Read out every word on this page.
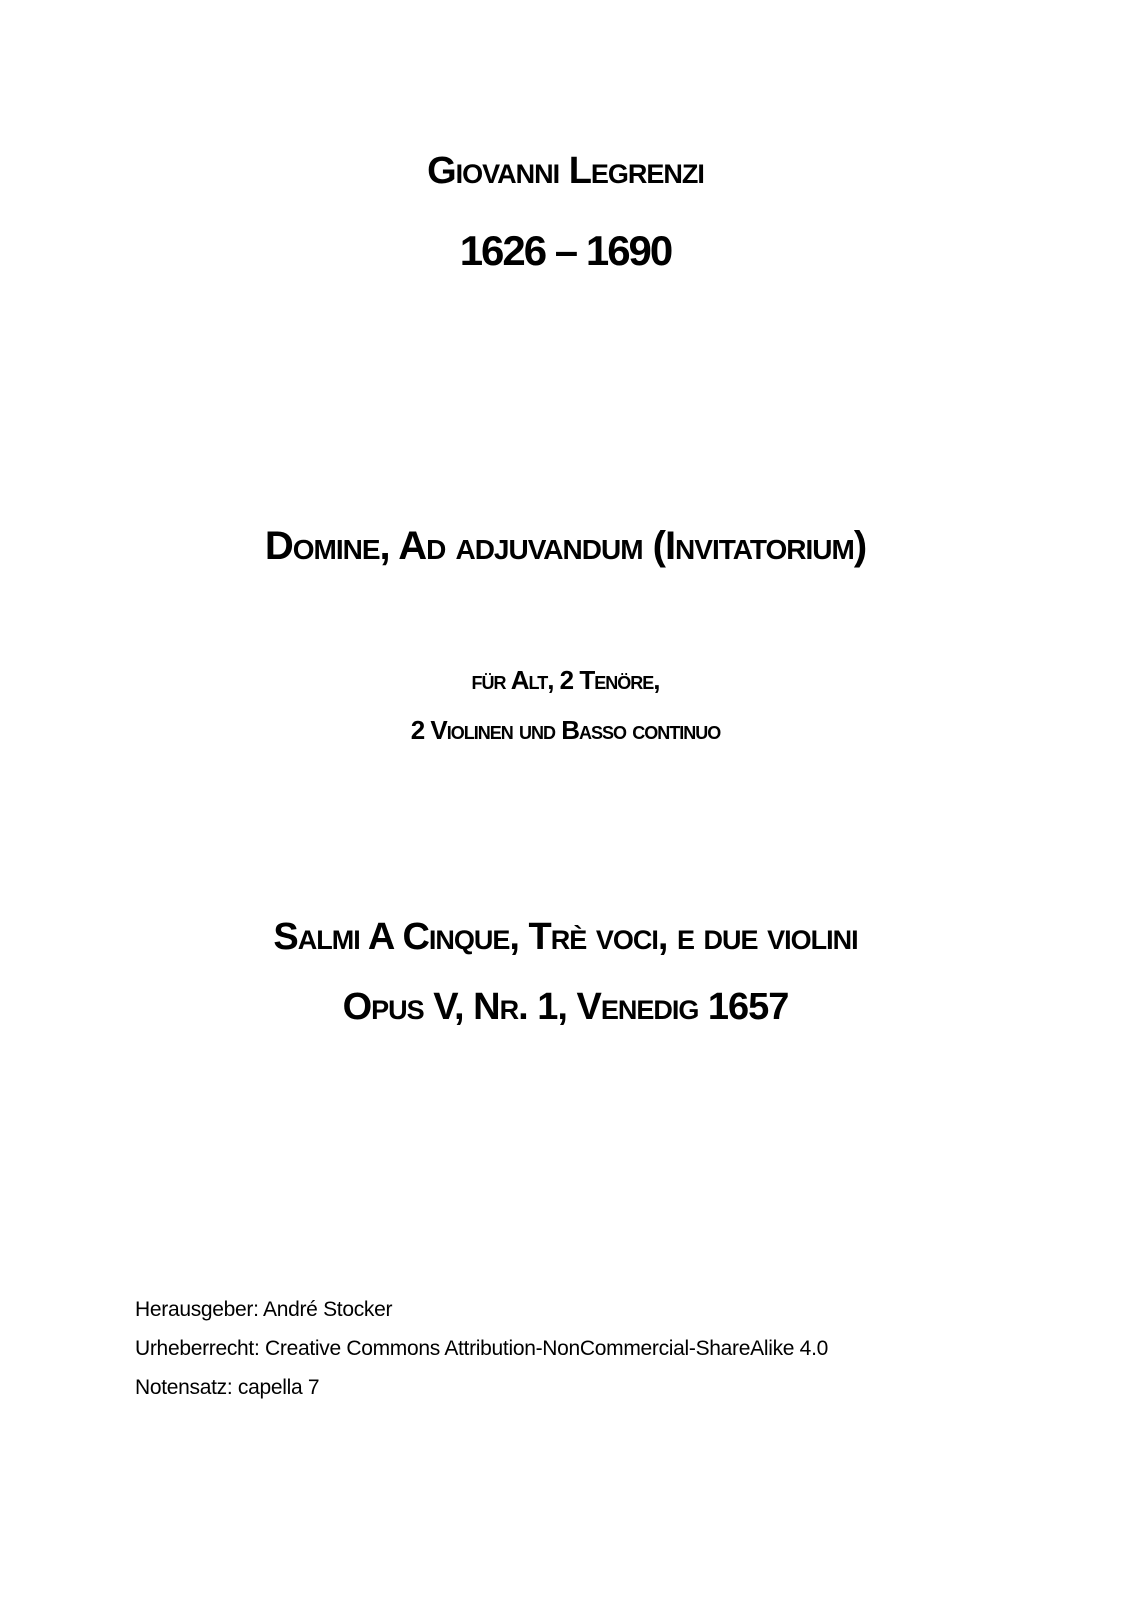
Giovanni Legrenzi
1626 – 1690
Domine, Ad adjuvandum (Invitatorium)
für Alt, 2 Tenöre,
2 Violinen und Basso continuo
Salmi A Cinque, Trè voci, e due violini
Opus V, Nr. 1, Venedig 1657
Herausgeber: André Stocker
Urheberrecht: Creative Commons Attribution-NonCommercial-ShareAlike 4.0
Notensatz: capella 7
